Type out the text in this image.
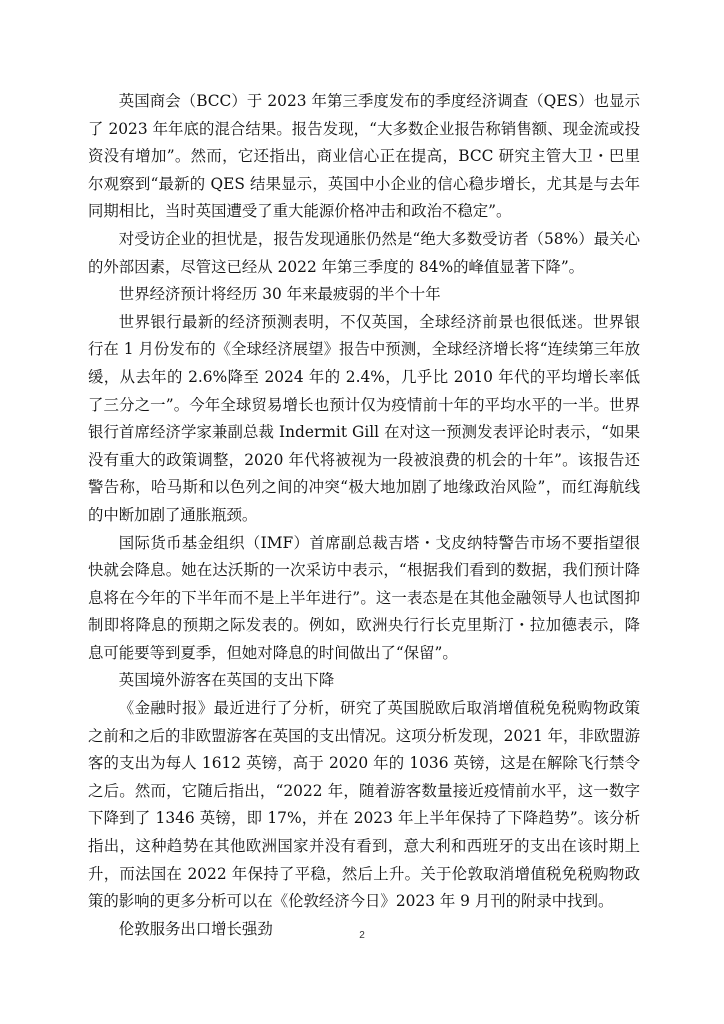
英国商会（BCC）于 2023 年第三季度发布的季度经济调查（QES）也显示了 2023 年年底的混合结果。报告发现，“大多数企业报告称销售额、现金流或投资没有增加”。然而，它还指出，商业信心正在提高，BCC 研究主管大卫・巴里尔观察到“最新的 QES 结果显示，英国中小企业的信心稳步增长，尤其是与去年同期相比，当时英国遭受了重大能源价格冲击和政治不稳定”。

对受访企业的担忧是，报告发现通胀仍然是“绝大多数受访者（58%）最关心的外部因素，尽管这已经从 2022 年第三季度的 84%的峰值显著下降”。

世界经济预计将经历 30 年来最疲弱的半个十年

世界银行最新的经济预测表明，不仅英国，全球经济前景也很低迷。世界银行在 1 月份发布的《全球经济展望》报告中预测，全球经济增长将“连续第三年放缓，从去年的 2.6%降至 2024 年的 2.4%，几乎比 2010 年代的平均增长率低了三分之一”。今年全球贸易增长也预计仅为疫情前十年的平均水平的一半。世界银行首席经济学家兼副总裁 Indermit Gill 在对这一预测发表评论时表示，“如果没有重大的政策调整，2020 年代将被视为一段被浪费的机会的十年”。该报告还警告称，哈马斯和以色列之间的冲突“极大地加剧了地缘政治风险”，而红海航线的中断加剧了通胀瓶颈。

国际货币基金组织（IMF）首席副总裁吉塔・戈皮纳特警告市场不要指望很快就会降息。她在达沃斯的一次采访中表示，“根据我们看到的数据，我们预计降息将在今年的下半年而不是上半年进行”。这一表态是在其他金融领导人也试图抑制即将降息的预期之际发表的。例如，欧洲央行行长克里斯汀・拉加德表示，降息可能要等到夏季，但她对降息的时间做出了“保留”。

英国境外游客在英国的支出下降

《金融时报》最近进行了分析，研究了英国脱欧后取消增值税免税购物政策之前和之后的非欧盟游客在英国的支出情况。这项分析发现，2021 年，非欧盟游客的支出为每人 1612 英镑，高于 2020 年的 1036 英镑，这是在解除飞行禁令之后。然而，它随后指出，“2022 年，随着游客数量接近疫情前水平，这一数字下降到了 1346 英镑，即 17%，并在 2023 年上半年保持了下降趋势”。该分析指出，这种趋势在其他欧洲国家并没有看到，意大利和西班牙的支出在该时期上升，而法国在 2022 年保持了平稳，然后上升。关于伦敦取消增值税免税购物政策的影响的更多分析可以在《伦敦经济今日》2023 年 9 月刊的附录中找到。

伦敦服务出口增长强劲	2
